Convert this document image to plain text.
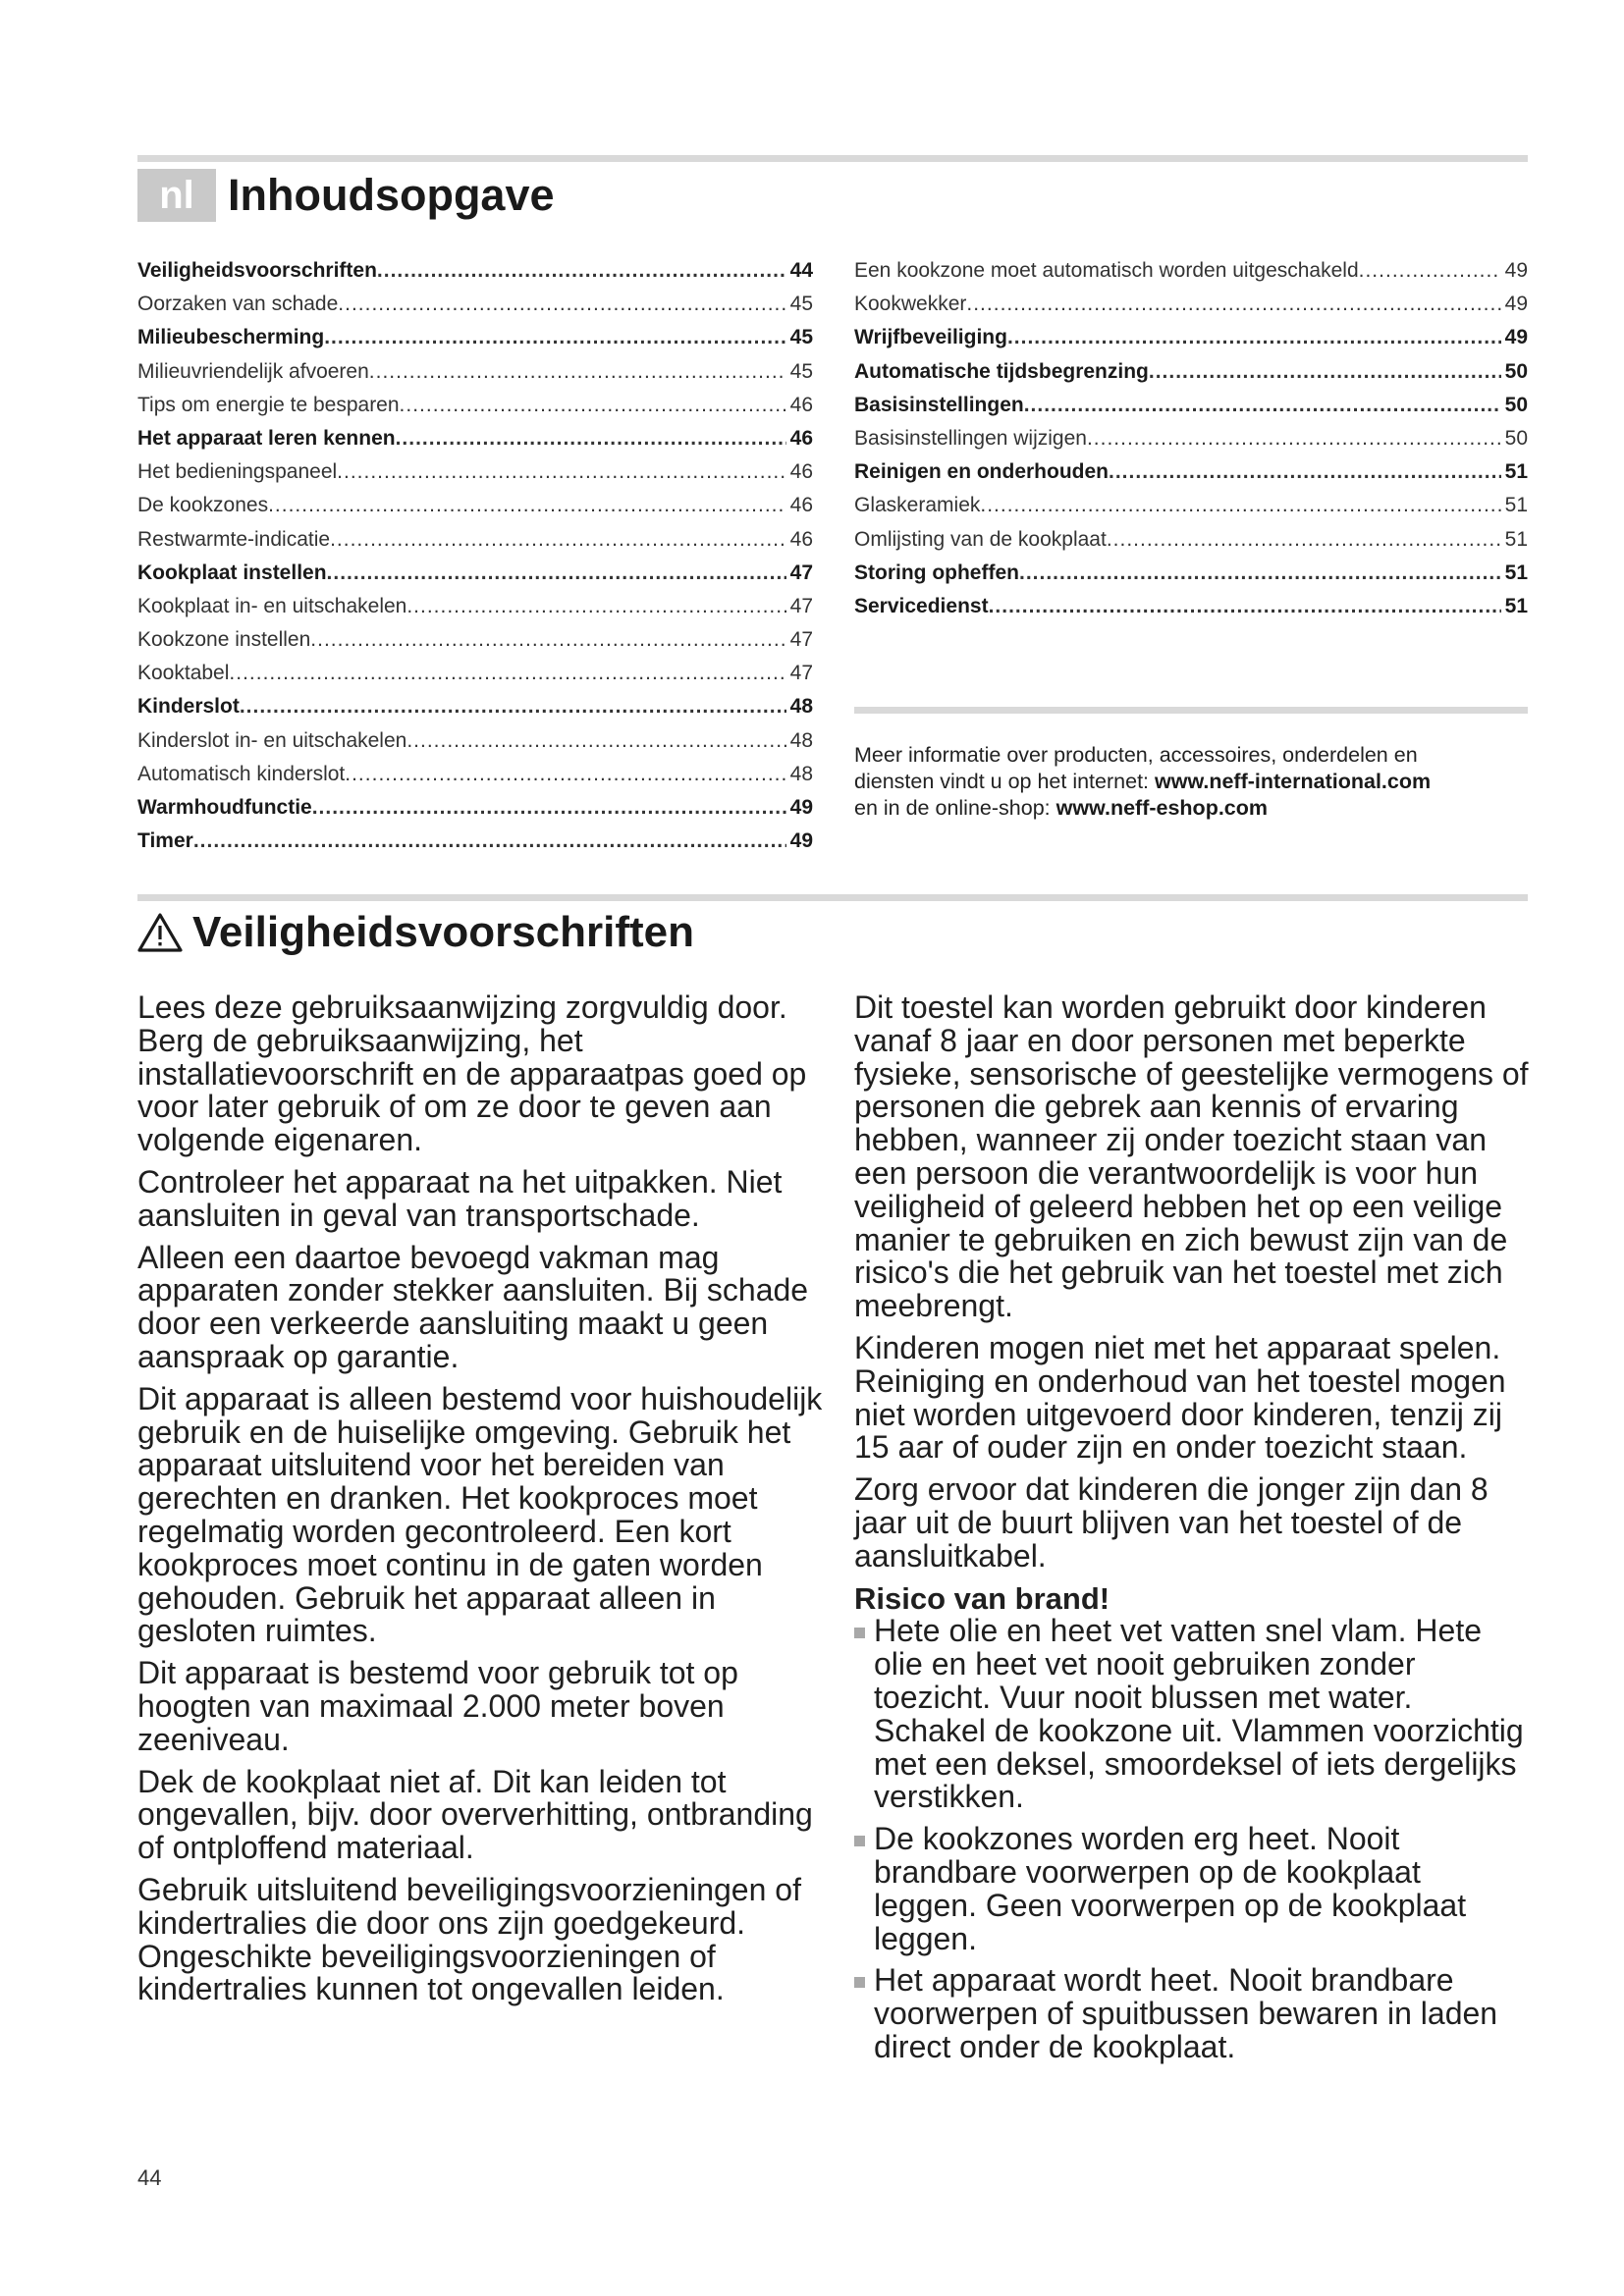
nl Inhoudsopgave
Veiligheidsvoorschriften .....	44
Oorzaken van schade .....	45
Milieubescherming .....	45
Milieuvriendelijk afvoeren .....	45
Tips om energie te besparen .....	46
Het apparaat leren kennen .....	46
Het bedieningspaneel .....	46
De kookzones .....	46
Restwarmte-indicatie .....	46
Kookplaat instellen .....	47
Kookplaat in- en uitschakelen .....	47
Kookzone instellen .....	47
Kooktabel .....	47
Kinderslot .....	48
Kinderslot in- en uitschakelen .....	48
Automatisch kinderslot .....	48
Warmhoudfunctie .....	49
Timer .....	49
Een kookzone moet automatisch worden uitgeschakeld .....	49
Kookwekker .....	49
Wrijfbeveiliging .....	49
Automatische tijdsbegrenzing .....	50
Basisinstellingen .....	50
Basisinstellingen wijzigen .....	50
Reinigen en onderhouden .....	51
Glaskeramiek .....	51
Omlijsting van de kookplaat .....	51
Storing opheffen .....	51
Servicedienst .....	51
Meer informatie over producten, accessoires, onderdelen en
diensten vindt u op het internet: www.neff-international.com
en in de online-shop: www.neff-eshop.com
Veiligheidsvoorschriften

Lees deze gebruiksaanwijzing zorgvuldig door. Berg de gebruiksaanwijzing, het installatievoorschrift en de apparaatpas goed op voor later gebruik of om ze door te geven aan volgende eigenaren.

Controleer het apparaat na het uitpakken. Niet aansluiten in geval van transportschade.

Alleen een daartoe bevoegd vakman mag apparaten zonder stekker aansluiten. Bij schade door een verkeerde aansluiting maakt u geen aanspraak op garantie.

Dit apparaat is alleen bestemd voor huishoudelijk gebruik en de huiselijke omgeving. Gebruik het apparaat uitsluitend voor het bereiden van gerechten en dranken. Het kookproces moet regelmatig worden gecontroleerd. Een kort kookproces moet continu in de gaten worden gehouden. Gebruik het apparaat alleen in gesloten ruimtes.

Dit apparaat is bestemd voor gebruik tot op hoogten van maximaal 2.000 meter boven zeeniveau.

Dek de kookplaat niet af. Dit kan leiden tot ongevallen, bijv. door oververhitting, ontbranding of ontploffend materiaal.

Gebruik uitsluitend beveiligingsvoorzieningen of kindertralies die door ons zijn goedgekeurd. Ongeschikte beveiligingsvoorzieningen of kindertralies kunnen tot ongevallen leiden.

Dit toestel kan worden gebruikt door kinderen vanaf 8 jaar en door personen met beperkte fysieke, sensorische of geestelijke vermogens of personen die gebrek aan kennis of ervaring hebben, wanneer zij onder toezicht staan van een persoon die verantwoordelijk is voor hun veiligheid of geleerd hebben het op een veilige manier te gebruiken en zich bewust zijn van de risico's die het gebruik van het toestel met zich meebrengt.

Kinderen mogen niet met het apparaat spelen. Reiniging en onderhoud van het toestel mogen niet worden uitgevoerd door kinderen, tenzij zij 15 aar of ouder zijn en onder toezicht staan.

Zorg ervoor dat kinderen die jonger zijn dan 8 jaar uit de buurt blijven van het toestel of de aansluitkabel.

Risico van brand!
Hete olie en heet vet vatten snel vlam. Hete olie en heet vet nooit gebruiken zonder toezicht. Vuur nooit blussen met water. Schakel de kookzone uit. Vlammen voorzichtig met een deksel, smoordeksel of iets dergelijks verstikken.
De kookzones worden erg heet. Nooit brandbare voorwerpen op de kookplaat leggen. Geen voorwerpen op de kookplaat leggen.
Het apparaat wordt heet. Nooit brandbare voorwerpen of spuitbussen bewaren in laden direct onder de kookplaat.
44
